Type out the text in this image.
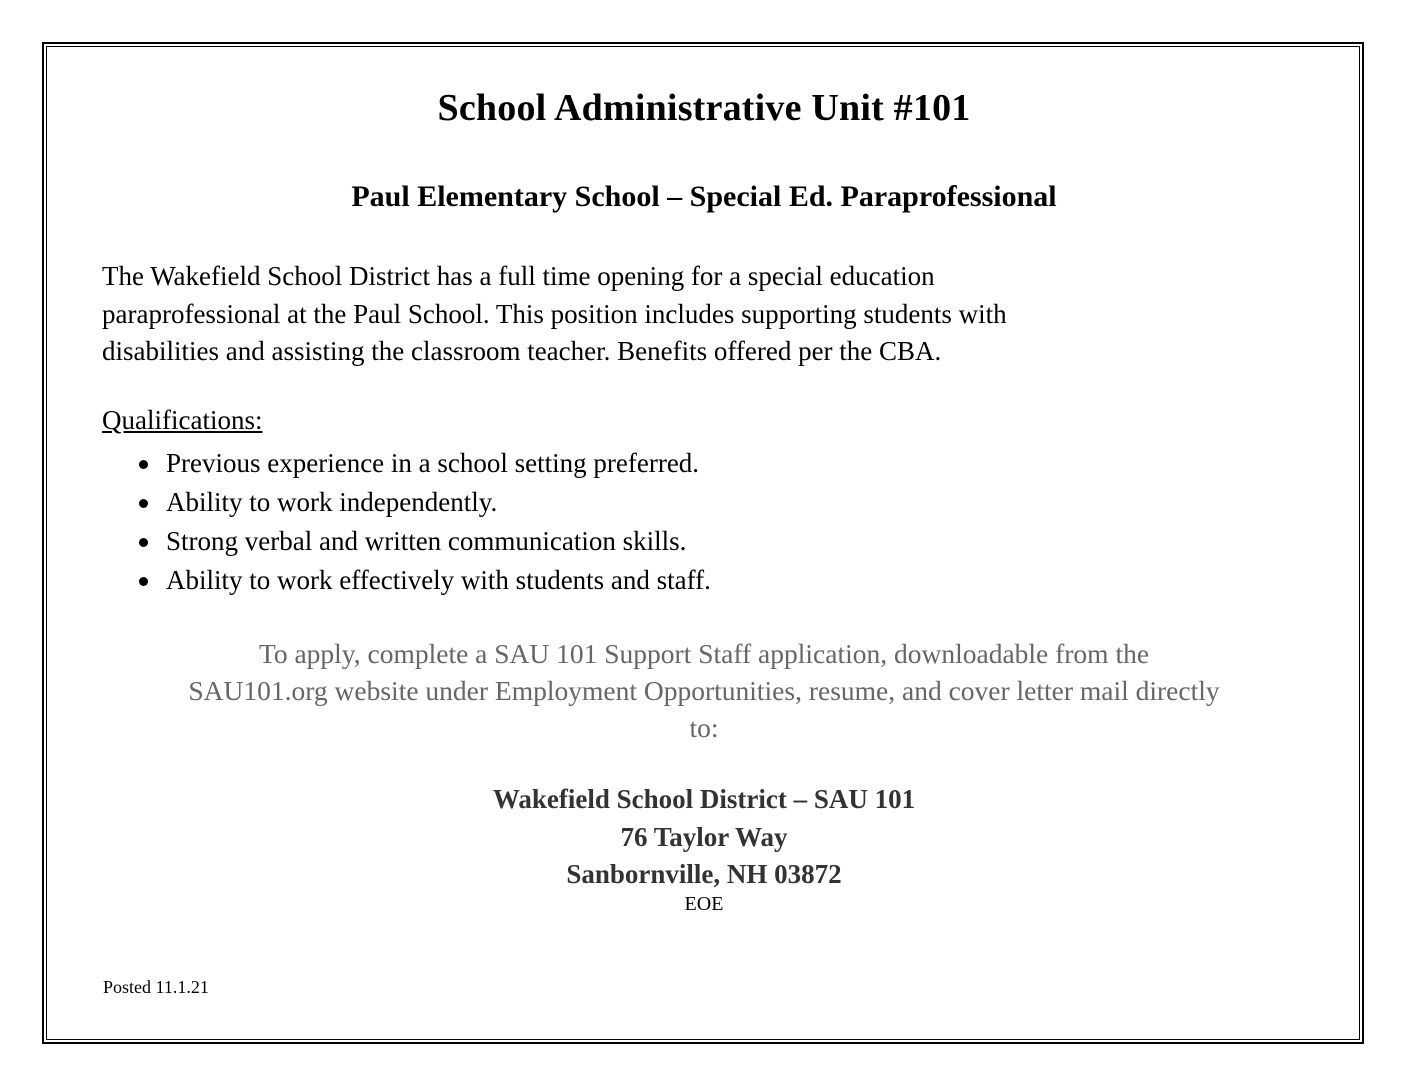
School Administrative Unit #101
Paul Elementary School – Special Ed. Paraprofessional

The Wakefield School District has a full time opening for a special education

paraprofessional at the Paul School. This position includes supporting students with

disabilities and assisting the classroom teacher. Benefits offered per the CBA.

Qualifications:
Previous experience in a school setting preferred.
Ability to work independently.
Strong verbal and written communication skills.
Ability to work effectively with students and staff.

To apply, complete a SAU 101 Support Staff application, downloadable from the

SAU101.org website under Employment Opportunities, resume, and cover letter mail directly

to:

Wakefield School District – SAU 101
76 Taylor Way
Sanbornville, NH 03872
EOE
Posted 11.1.21
